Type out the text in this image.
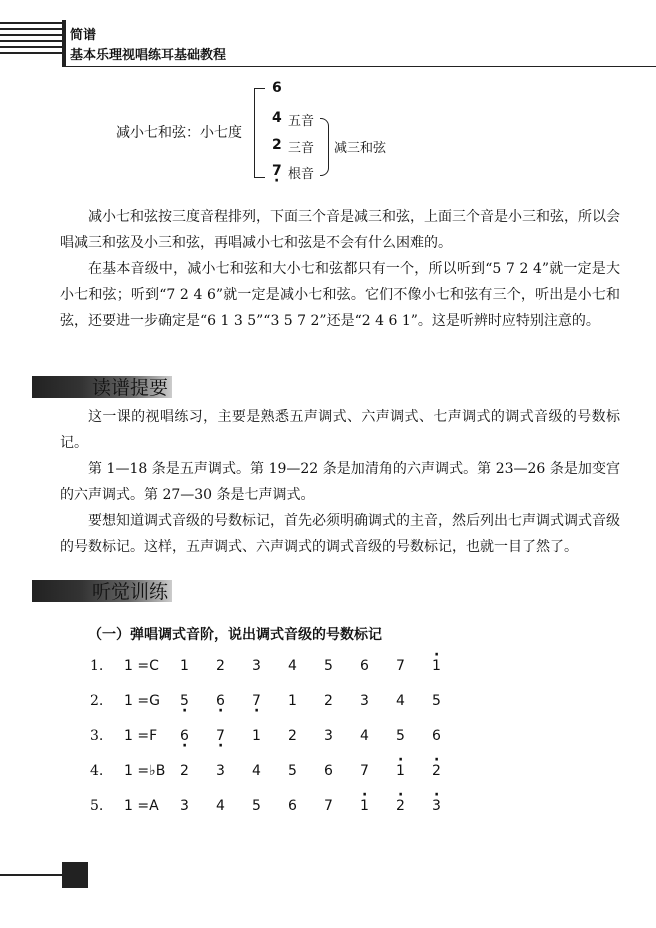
简谱
基本乐理视唱练耳基础教程
减小七和弦： 小七度
6
4 五音
2 三音
7 · 根音
减三和弦

减小七和弦按三度音程排列，下面三个音是减三和弦，上面三个音是小三和弦，所以会唱减三和弦及小三和弦，再唱减小七和弦是不会有什么困难的。

在基本音级中，减小七和弦和大小七和弦都只有一个，所以听到“5 7 2 4”就一定是大小七和弦；听到“7 2 4 6”就一定是减小七和弦。它们不像小七和弦有三个，听出是小七和弦，还要进一步确定是“6 1 3 5”“3 5 7 2”还是“2 4 6 1”。这是听辨时应特别注意的。

读谱提要

这一课的视唱练习，主要是熟悉五声调式、六声调式、七声调式的调式音级的号数标记。

第 1—18 条是五声调式。第 19—22 条是加清角的六声调式。第 23—26 条是加变宫的六声调式。第 27—30 条是七声调式。

要想知道调式音级的号数标记，首先必须明确调式的主音，然后列出七声调式调式音级的号数标记。这样，五声调式、六声调式的调式音级的号数标记，也就一目了然了。

听觉训练
（一）弹唱调式音阶，说出调式音级的号数标记
1. 1 =C 1 2 3 4 5 6 7 · 1
2. 1 =G 5 · 6 · 7 · 1 2 3 4 5
3. 1 =F 6 · 7 · 1 2 3 4 5 6
4. 1 =♭B 2 3 4 5 6 7 · 1 · 2
5. 1 =A 3 4 5 6 7 · 1 · 2 · 3
